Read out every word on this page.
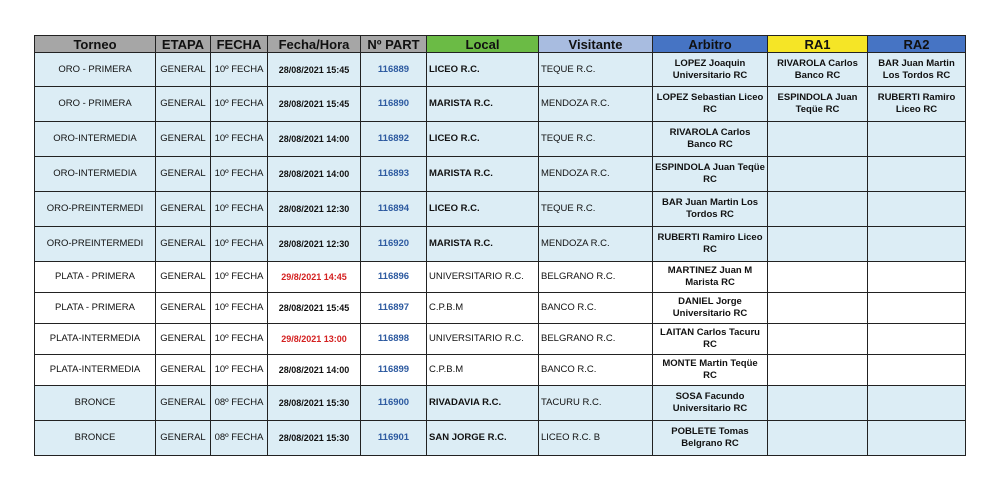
Torneo	ETAPA	FECHA	Fecha/Hora	Nº PART	Local	Visitante	Arbitro	RA1	RA2
ORO - PRIMERA	GENERAL	10º FECHA	28/08/2021 15:45	116889	LICEO R.C.	TEQUE R.C.	LOPEZ Joaquin Universitario RC	RIVAROLA Carlos Banco RC	BAR Juan Martin Los Tordos RC
ORO - PRIMERA	GENERAL	10º FECHA	28/08/2021 15:45	116890	MARISTA R.C.	MENDOZA R.C.	LOPEZ Sebastian Liceo RC	ESPINDOLA Juan Teqüe RC	RUBERTI Ramiro Liceo RC
ORO-INTERMEDIA	GENERAL	10º FECHA	28/08/2021 14:00	116892	LICEO R.C.	TEQUE R.C.	RIVAROLA Carlos Banco RC		
ORO-INTERMEDIA	GENERAL	10º FECHA	28/08/2021 14:00	116893	MARISTA R.C.	MENDOZA R.C.	ESPINDOLA Juan Teqüe RC		
ORO-PREINTERMEDI	GENERAL	10º FECHA	28/08/2021 12:30	116894	LICEO R.C.	TEQUE R.C.	BAR Juan Martin Los Tordos RC		
ORO-PREINTERMEDI	GENERAL	10º FECHA	28/08/2021 12:30	116920	MARISTA R.C.	MENDOZA R.C.	RUBERTI Ramiro Liceo RC		
PLATA - PRIMERA	GENERAL	10º FECHA	29/8/2021 14:45	116896	UNIVERSITARIO R.C.	BELGRANO R.C.	MARTINEZ Juan M Marista RC		
PLATA - PRIMERA	GENERAL	10º FECHA	28/08/2021 15:45	116897	C.P.B.M	BANCO R.C.	DANIEL Jorge Universitario RC		
PLATA-INTERMEDIA	GENERAL	10º FECHA	29/8/2021 13:00	116898	UNIVERSITARIO R.C.	BELGRANO R.C.	LAITAN Carlos Tacuru RC		
PLATA-INTERMEDIA	GENERAL	10º FECHA	28/08/2021 14:00	116899	C.P.B.M	BANCO R.C.	MONTE Martin Teqüe RC		
BRONCE	GENERAL	08º FECHA	28/08/2021 15:30	116900	RIVADAVIA R.C.	TACURU R.C.	SOSA Facundo Universitario RC		
BRONCE	GENERAL	08º FECHA	28/08/2021 15:30	116901	SAN JORGE R.C.	LICEO R.C. B	POBLETE Tomas Belgrano RC		
